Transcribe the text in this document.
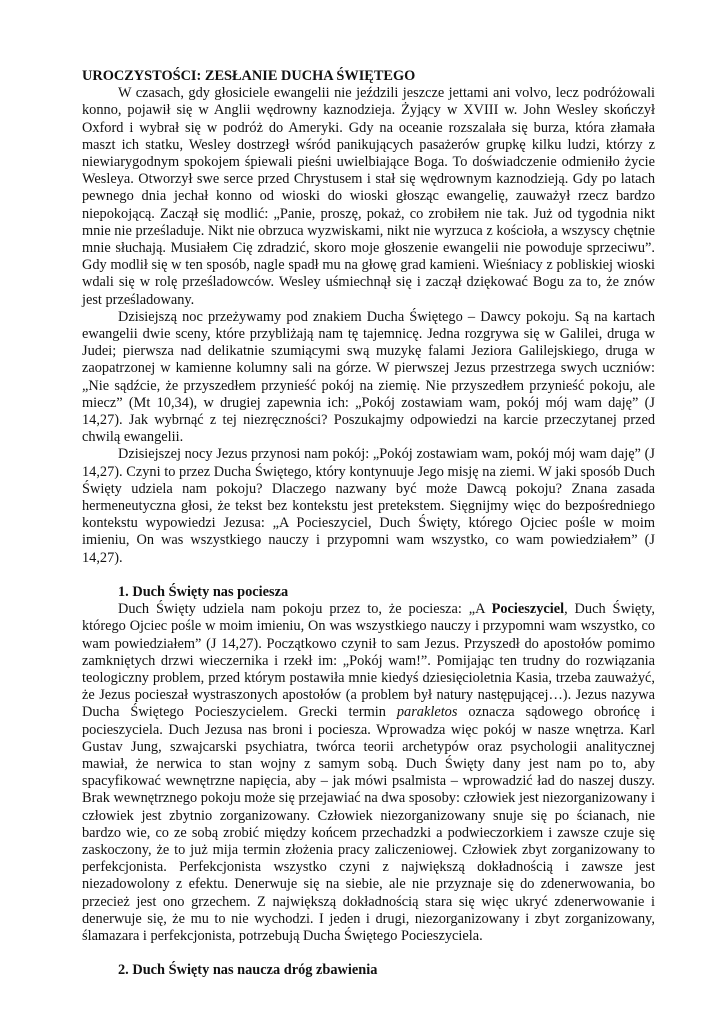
UROCZYSTOŚCI: ZESŁANIE DUCHA ŚWIĘTEGO

W czasach, gdy głosiciele ewangelii nie jeździli jeszcze jettami ani volvo, lecz podróżowali konno, pojawił się w Anglii wędrowny kaznodzieja. Żyjący w XVIII w. John Wesley skończył Oxford i wybrał się w podróż do Ameryki. Gdy na oceanie rozszalała się burza, która złamała maszt ich statku, Wesley dostrzegł wśród panikujących pasażerów grupkę kilku ludzi, którzy z niewiarygodnym spokojem śpiewali pieśni uwielbiające Boga. To doświadczenie odmieniło życie Wesleya. Otworzył swe serce przed Chrystusem i stał się wędrownym kaznodzieją. Gdy po latach pewnego dnia jechał konno od wioski do wioski głosząc ewangelię, zauważył rzecz bardzo niepokojącą. Zaczął się modlić: „Panie, proszę, pokaż, co zrobiłem nie tak. Już od tygodnia nikt mnie nie prześladuje. Nikt nie obrzuca wyzwiskami, nikt nie wyrzuca z kościoła, a wszyscy chętnie mnie słuchają. Musiałem Cię zdradzić, skoro moje głoszenie ewangelii nie powoduje sprzeciwu”. Gdy modlił się w ten sposób, nagle spadł mu na głowę grad kamieni. Wieśniacy z pobliskiej wioski wdali się w rolę prześladowców. Wesley uśmiechnął się i zaczął dziękować Bogu za to, że znów jest prześladowany.

Dzisiejszą noc przeżywamy pod znakiem Ducha Świętego – Dawcy pokoju. Są na kartach ewangelii dwie sceny, które przybliżają nam tę tajemnicę. Jedna rozgrywa się w Galilei, druga w Judei; pierwsza nad delikatnie szumiącymi swą muzykę falami Jeziora Galilejskiego, druga w zaopatrzonej w kamienne kolumny sali na górze. W pierwszej Jezus przestrzega swych uczniów: „Nie sądźcie, że przyszedłem przynieść pokój na ziemię. Nie przyszedłem przynieść pokoju, ale miecz” (Mt 10,34), w drugiej zapewnia ich: „Pokój zostawiam wam, pokój mój wam daję” (J 14,27). Jak wybrnąć z tej niezręczności? Poszukajmy odpowiedzi na karcie przeczytanej przed chwilą ewangelii.

Dzisiejszej nocy Jezus przynosi nam pokój: „Pokój zostawiam wam, pokój mój wam daję” (J 14,27). Czyni to przez Ducha Świętego, który kontynuuje Jego misję na ziemi. W jaki sposób Duch Święty udziela nam pokoju? Dlaczego nazwany być może Dawcą pokoju? Znana zasada hermeneutyczna głosi, że tekst bez kontekstu jest pretekstem. Sięgnijmy więc do bezpośredniego kontekstu wypowiedzi Jezusa: „A Pocieszyciel, Duch Święty, którego Ojciec pośle w moim imieniu, On was wszystkiego nauczy i przypomni wam wszystko, co wam powiedziałem” (J 14,27).

1. Duch Święty nas pociesza

Duch Święty udziela nam pokoju przez to, że pociesza: „A Pocieszyciel, Duch Święty, którego Ojciec pośle w moim imieniu, On was wszystkiego nauczy i przypomni wam wszystko, co wam powiedziałem” (J 14,27). Początkowo czynił to sam Jezus. Przyszedł do apostołów pomimo zamkniętych drzwi wieczernika i rzekł im: „Pokój wam!”. Pomijając ten trudny do rozwiązania teologiczny problem, przed którym postawiła mnie kiedyś dziesięcioletnia Kasia, trzeba zauważyć, że Jezus pocieszał wystraszonych apostołów (a problem był natury następującej…). Jezus nazywa Ducha Świętego Pocieszycielem. Grecki termin parakletos oznacza sądowego obrońcę i pocieszyciela. Duch Jezusa nas broni i pociesza. Wprowadza więc pokój w nasze wnętrza. Karl Gustav Jung, szwajcarski psychiatra, twórca teorii archetypów oraz psychologii analitycznej mawiał, że nerwica to stan wojny z samym sobą. Duch Święty dany jest nam po to, aby spacyfikować wewnętrzne napięcia, aby – jak mówi psalmista – wprowadzić ład do naszej duszy. Brak wewnętrznego pokoju może się przejawiać na dwa sposoby: człowiek jest niezorganizowany i człowiek jest zbytnio zorganizowany. Człowiek niezorganizowany snuje się po ścianach, nie bardzo wie, co ze sobą zrobić między końcem przechadzki a podwieczorkiem i zawsze czuje się zaskoczony, że to już mija termin złożenia pracy zaliczeniowej. Człowiek zbyt zorganizowany to perfekcjonista. Perfekcjonista wszystko czyni z największą dokładnością i zawsze jest niezadowolony z efektu. Denerwuje się na siebie, ale nie przyznaje się do zdenerwowania, bo przecież jest ono grzechem. Z największą dokładnością stara się więc ukryć zdenerwowanie i denerwuje się, że mu to nie wychodzi. I jeden i drugi, niezorganizowany i zbyt zorganizowany, ślamazara i perfekcjonista, potrzebują Ducha Świętego Pocieszyciela.

2. Duch Święty nas naucza dróg zbawienia
